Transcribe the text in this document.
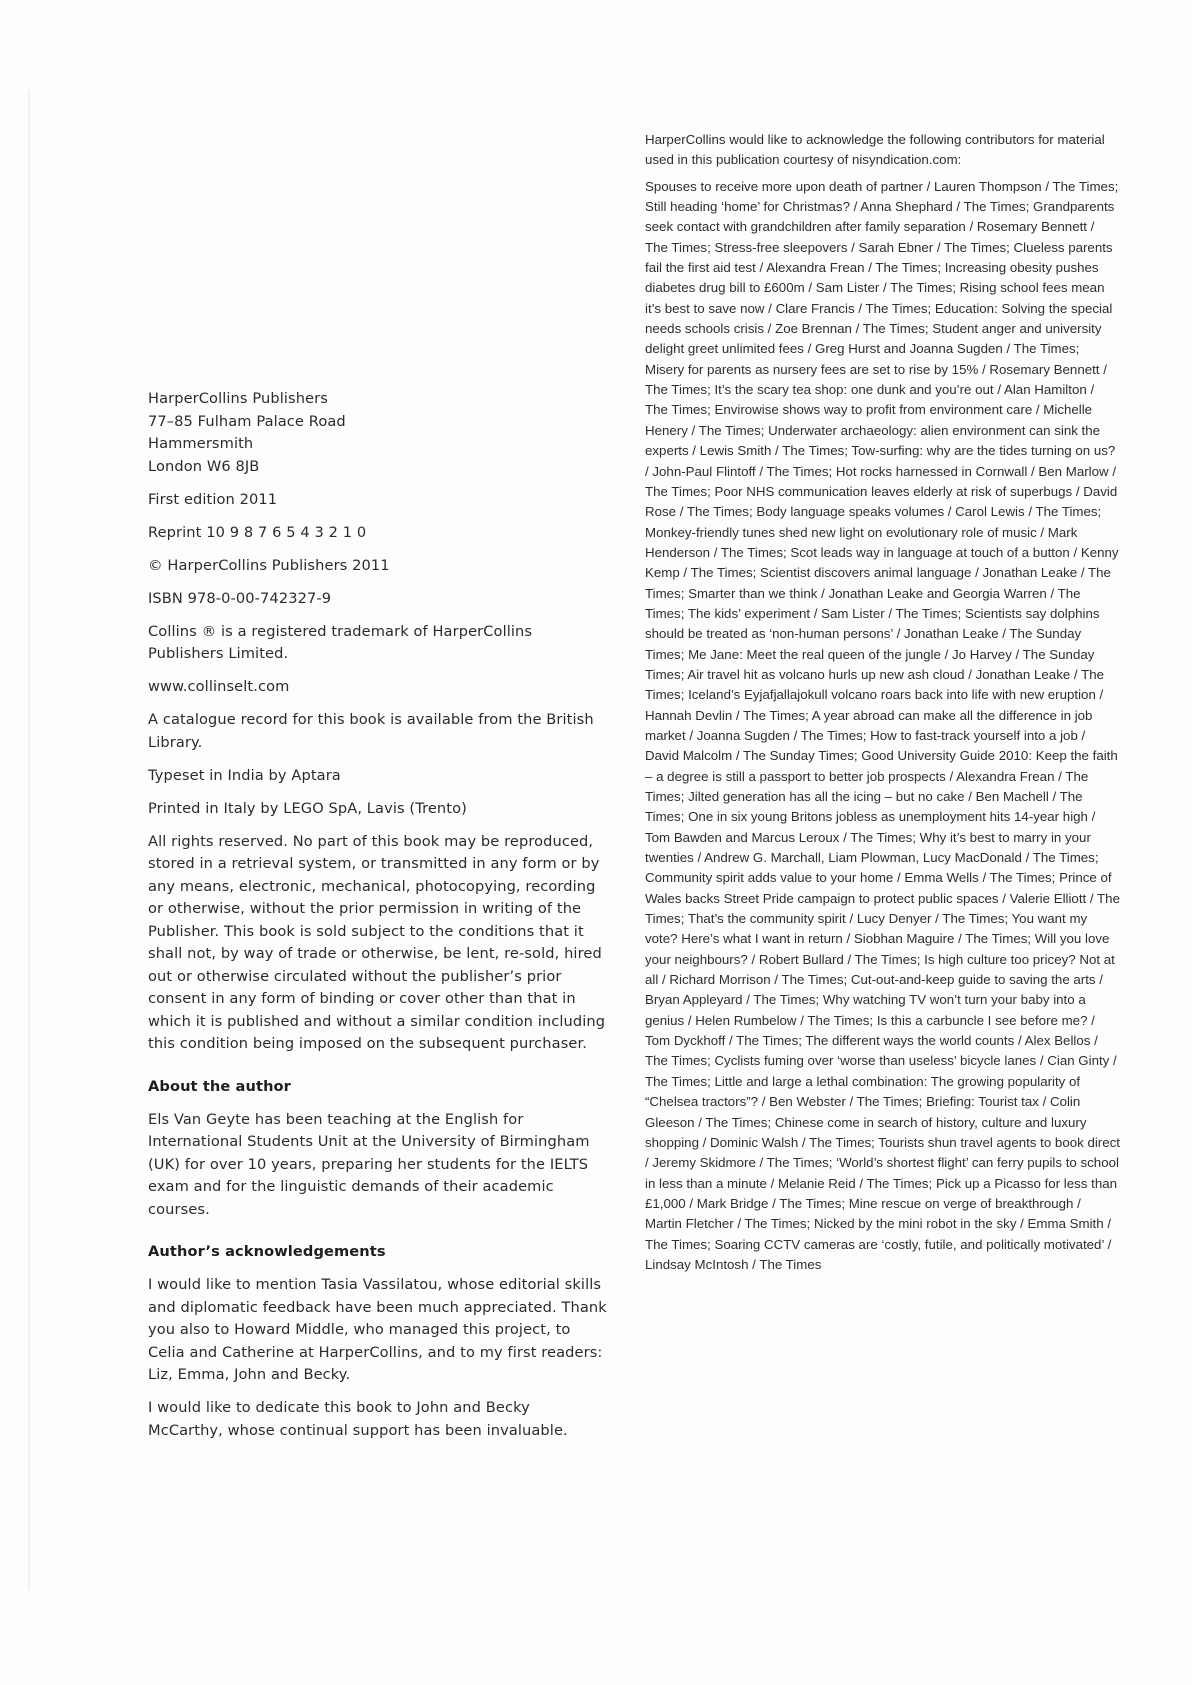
HarperCollins Publishers
77–85 Fulham Palace Road
Hammersmith
London W6 8JB

First edition 2011

Reprint 10 9 8 7 6 5 4 3 2 1 0

© HarperCollins Publishers 2011

ISBN 978-0-00-742327-9

Collins ® is a registered trademark of HarperCollins Publishers Limited.

www.collinselt.com

A catalogue record for this book is available from the British Library.

Typeset in India by Aptara

Printed in Italy by LEGO SpA, Lavis (Trento)

All rights reserved. No part of this book may be reproduced, stored in a retrieval system, or transmitted in any form or by any means, electronic, mechanical, photocopying, recording or otherwise, without the prior permission in writing of the Publisher. This book is sold subject to the conditions that it shall not, by way of trade or otherwise, be lent, re-sold, hired out or otherwise circulated without the publisher’s prior consent in any form of binding or cover other than that in which it is published and without a similar condition including this condition being imposed on the subsequent purchaser.

About the author

Els Van Geyte has been teaching at the English for International Students Unit at the University of Birmingham (UK) for over 10 years, preparing her students for the IELTS exam and for the linguistic demands of their academic courses.

Author’s acknowledgements

I would like to mention Tasia Vassilatou, whose editorial skills and diplomatic feedback have been much appreciated. Thank you also to Howard Middle, who managed this project, to Celia and Catherine at HarperCollins, and to my first readers: Liz, Emma, John and Becky.

I would like to dedicate this book to John and Becky McCarthy, whose continual support has been invaluable.

HarperCollins would like to acknowledge the following contributors for material used in this publication courtesy of nisyndication.com:

Spouses to receive more upon death of partner / Lauren Thompson / The Times; Still heading ‘home’ for Christmas? / Anna Shephard / The Times; Grandparents seek contact with grandchildren after family separation / Rosemary Bennett / The Times; Stress-free sleepovers / Sarah Ebner / The Times; Clueless parents fail the first aid test / Alexandra Frean / The Times; Increasing obesity pushes diabetes drug bill to £600m / Sam Lister / The Times; Rising school fees mean it’s best to save now / Clare Francis / The Times; Education: Solving the special needs schools crisis / Zoe Brennan / The Times; Student anger and university delight greet unlimited fees / Greg Hurst and Joanna Sugden / The Times; Misery for parents as nursery fees are set to rise by 15% / Rosemary Bennett / The Times; It’s the scary tea shop: one dunk and you’re out / Alan Hamilton / The Times; Envirowise shows way to profit from environment care / Michelle Henery / The Times; Underwater archaeology: alien environment can sink the experts / Lewis Smith / The Times; Tow-surfing: why are the tides turning on us? / John-Paul Flintoff / The Times; Hot rocks harnessed in Cornwall / Ben Marlow / The Times; Poor NHS communication leaves elderly at risk of superbugs / David Rose / The Times; Body language speaks volumes / Carol Lewis / The Times; Monkey-friendly tunes shed new light on evolutionary role of music / Mark Henderson / The Times; Scot leads way in language at touch of a button / Kenny Kemp / The Times; Scientist discovers animal language / Jonathan Leake / The Times; Smarter than we think / Jonathan Leake and Georgia Warren / The Times; The kids’ experiment / Sam Lister / The Times; Scientists say dolphins should be treated as ‘non-human persons’ / Jonathan Leake / The Sunday Times; Me Jane: Meet the real queen of the jungle / Jo Harvey / The Sunday Times; Air travel hit as volcano hurls up new ash cloud / Jonathan Leake / The Times; Iceland’s Eyjafjallajokull volcano roars back into life with new eruption / Hannah Devlin / The Times; A year abroad can make all the difference in job market / Joanna Sugden / The Times; How to fast-track yourself into a job / David Malcolm / The Sunday Times; Good University Guide 2010: Keep the faith – a degree is still a passport to better job prospects / Alexandra Frean / The Times; Jilted generation has all the icing – but no cake / Ben Machell / The Times; One in six young Britons jobless as unemployment hits 14-year high / Tom Bawden and Marcus Leroux / The Times; Why it’s best to marry in your twenties / Andrew G. Marchall, Liam Plowman, Lucy MacDonald / The Times; Community spirit adds value to your home / Emma Wells / The Times; Prince of Wales backs Street Pride campaign to protect public spaces / Valerie Elliott / The Times; That’s the community spirit / Lucy Denyer / The Times; You want my vote? Here’s what I want in return / Siobhan Maguire / The Times; Will you love your neighbours? / Robert Bullard / The Times; Is high culture too pricey? Not at all / Richard Morrison / The Times; Cut-out-and-keep guide to saving the arts / Bryan Appleyard / The Times; Why watching TV won’t turn your baby into a genius / Helen Rumbelow / The Times; Is this a carbuncle I see before me? / Tom Dyckhoff / The Times; The different ways the world counts / Alex Bellos / The Times; Cyclists fuming over ‘worse than useless’ bicycle lanes / Cian Ginty / The Times; Little and large a lethal combination: The growing popularity of “Chelsea tractors”? / Ben Webster / The Times; Briefing: Tourist tax / Colin Gleeson / The Times; Chinese come in search of history, culture and luxury shopping / Dominic Walsh / The Times; Tourists shun travel agents to book direct / Jeremy Skidmore / The Times; ‘World’s shortest flight’ can ferry pupils to school in less than a minute / Melanie Reid / The Times; Pick up a Picasso for less than £1,000 / Mark Bridge / The Times; Mine rescue on verge of breakthrough / Martin Fletcher / The Times; Nicked by the mini robot in the sky / Emma Smith / The Times; Soaring CCTV cameras are ‘costly, futile, and politically motivated’ / Lindsay McIntosh / The Times
